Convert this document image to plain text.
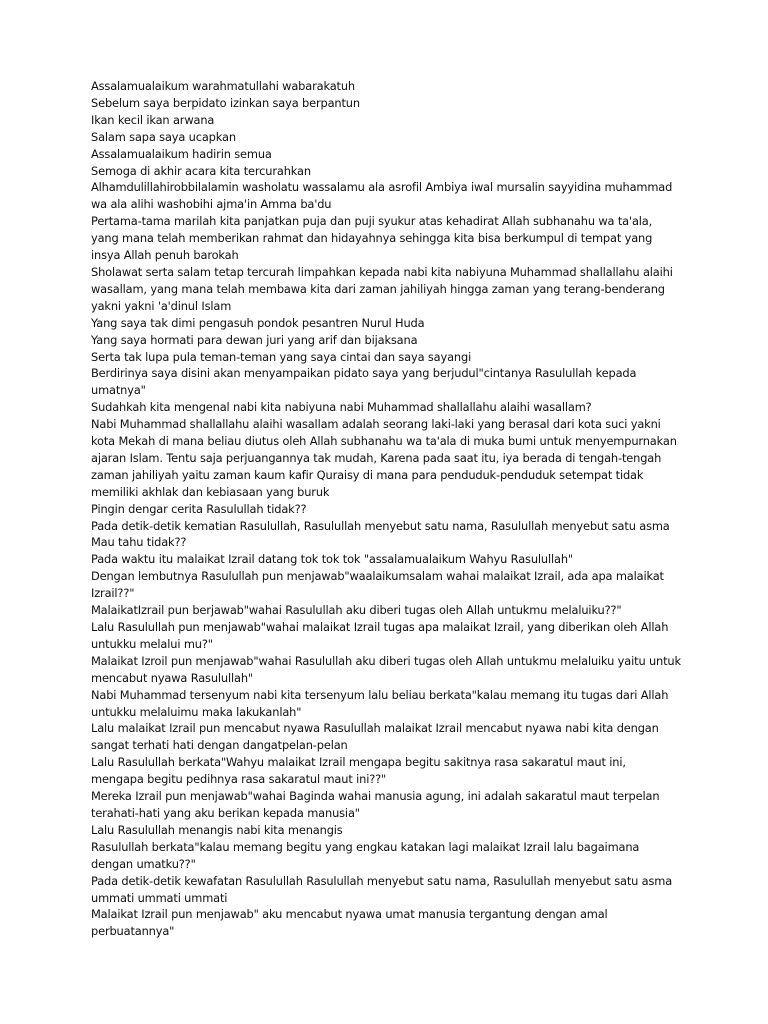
Assalamualaikum warahmatullahi wabarakatuh

Sebelum saya berpidato izinkan saya berpantun

Ikan kecil ikan arwana

Salam sapa saya ucapkan

Assalamualaikum hadirin semua

Semoga di akhir acara kita tercurahkan

Alhamdulillahirobbilalamin washolatu wassalamu ala asrofil Ambiya iwal mursalin sayyidina muhammad wa ala alihi washobihi ajma'in Amma ba'du

Pertama-tama marilah kita panjatkan puja dan puji syukur atas kehadirat Allah subhanahu wa ta'ala, yang mana telah memberikan rahmat dan hidayahnya sehingga kita bisa berkumpul di tempat yang insya Allah penuh barokah

Sholawat serta salam tetap tercurah limpahkan kepada nabi kita nabiyuna Muhammad shallallahu alaihi wasallam, yang mana telah membawa kita dari zaman jahiliyah hingga zaman yang terang-benderang yakni yakni 'a'dinul Islam

Yang saya tak dimi pengasuh pondok pesantren Nurul Huda

Yang saya hormati para dewan juri yang arif dan bijaksana

Serta tak lupa pula teman-teman yang saya cintai dan saya sayangi

Berdirinya saya disini akan menyampaikan pidato saya yang berjudul"cintanya Rasulullah kepada umatnya"

Sudahkah kita mengenal nabi kita nabiyuna nabi Muhammad shallallahu alaihi wasallam?

Nabi Muhammad shallallahu alaihi wasallam adalah seorang laki-laki yang berasal dari kota suci yakni kota Mekah di mana beliau diutus oleh Allah subhanahu wa ta'ala di muka bumi untuk menyempurnakan ajaran Islam. Tentu saja perjuangannya tak mudah, Karena pada saat itu, iya berada di tengah-tengah zaman jahiliyah yaitu zaman kaum kafir Quraisy di mana para penduduk-penduduk setempat tidak memiliki akhlak dan kebiasaan yang buruk

Pingin dengar cerita Rasulullah tidak??

Pada detik-detik kematian Rasulullah, Rasulullah menyebut satu nama, Rasulullah menyebut satu asma Mau tahu tidak??

Pada waktu itu malaikat Izrail datang tok tok tok "assalamualaikum Wahyu Rasulullah"

Dengan lembutnya Rasulullah pun menjawab"waalaikumsalam wahai malaikat Izrail, ada apa malaikat Izrail??"

MalaikatIzrail pun berjawab"wahai Rasulullah aku diberi tugas oleh Allah untukmu melaluiku??"

Lalu Rasulullah pun menjawab"wahai malaikat Izrail tugas apa malaikat Izrail, yang diberikan oleh Allah untukku melalui mu?"

Malaikat Izroil pun menjawab"wahai Rasulullah aku diberi tugas oleh Allah untukmu melaluiku yaitu untuk mencabut nyawa Rasulullah"

Nabi Muhammad tersenyum nabi kita tersenyum lalu beliau berkata"kalau memang itu tugas dari Allah untukku melaluimu maka lakukanlah"

Lalu malaikat Izrail pun mencabut nyawa Rasulullah malaikat Izrail mencabut nyawa nabi kita dengan sangat terhati hati dengan dangatpelan-pelan

Lalu Rasulullah berkata"Wahyu malaikat Izrail mengapa begitu sakitnya rasa sakaratul maut ini, mengapa begitu pedihnya rasa sakaratul maut ini??"

Mereka Izrail pun menjawab"wahai Baginda wahai manusia agung, ini adalah sakaratul maut terpelan terahati-hati yang aku berikan kepada manusia"

Lalu Rasulullah menangis nabi kita menangis

Rasulullah berkata"kalau memang begitu yang engkau katakan lagi malaikat Izrail lalu bagaimana dengan umatku??"

Pada detik-detik kewafatan Rasulullah Rasulullah menyebut satu nama, Rasulullah menyebut satu asma ummati ummati ummati

Malaikat Izrail pun menjawab" aku mencabut nyawa umat manusia tergantung dengan amal perbuatannya"
